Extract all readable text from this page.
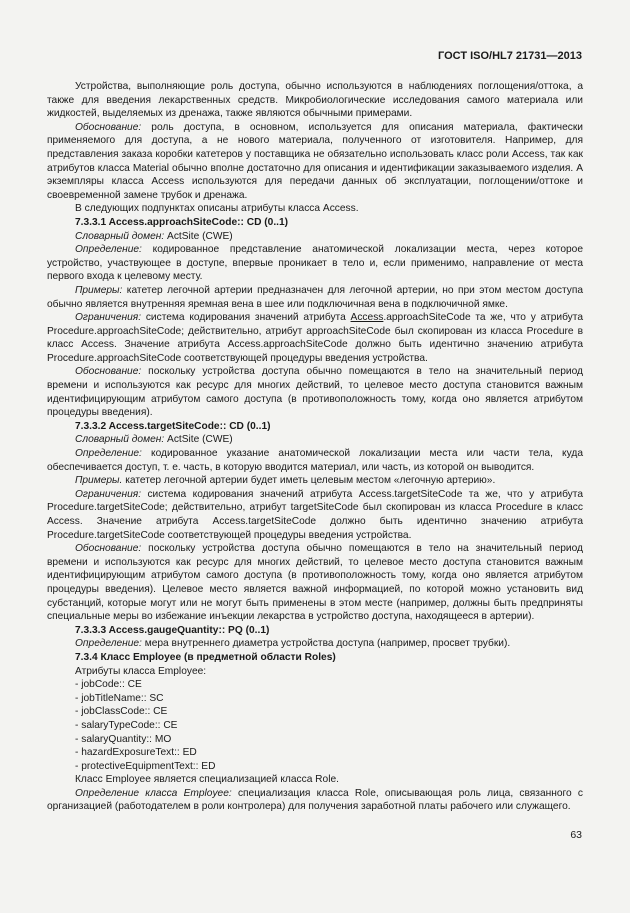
ГОСТ ISO/HL7 21731—2013

Устройства, выполняющие роль доступа, обычно используются в наблюдениях поглощения/оттока, а также для введения лекарственных средств. Микробиологические исследования самого материала или жидкостей, выделяемых из дренажа, также являются обычными примерами.

Обоснование: роль доступа, в основном, используется для описания материала, фактически применяемого для доступа, а не нового материала, полученного от изготовителя. Например, для представления заказа коробки катетеров у поставщика не обязательно использовать класс роли Access, так как атрибутов класса Material обычно вполне достаточно для описания и идентификации заказываемого изделия. А экземпляры класса Access используются для передачи данных об эксплуатации, поглощении/оттоке и своевременной замене трубок и дренажа.

В следующих подпунктах описаны атрибуты класса Access.

7.3.3.1 Access.approachSiteCode:: CD (0..1)

Словарный домен: ActSite (CWE)

Определение: кодированное представление анатомической локализации места, через которое устройство, участвующее в доступе, впервые проникает в тело и, если применимо, направление от места первого входа к целевому месту.

Примеры: катетер легочной артерии предназначен для легочной артерии, но при этом местом доступа обычно является внутренняя яремная вена в шее или подключичная вена в подключичной ямке.

Ограничения: система кодирования значений атрибута Access.approachSiteCode та же, что у атрибута Procedure.approachSiteCode; действительно, атрибут approachSiteCode был скопирован из класса Procedure в класс Access. Значение атрибута Access.approachSiteCode должно быть идентично значению атрибута Procedure.approachSiteCode соответствующей процедуры введения устройства.

Обоснование: поскольку устройства доступа обычно помещаются в тело на значительный период времени и используются как ресурс для многих действий, то целевое место доступа становится важным идентифицирующим атрибутом самого доступа (в противоположность тому, когда оно является атрибутом процедуры введения).

7.3.3.2 Access.targetSiteCode:: CD (0..1)

Словарный домен: ActSite (CWE)

Определение: кодированное указание анатомической локализации места или части тела, куда обеспечивается доступ, т. е. часть, в которую вводится материал, или часть, из которой он выводится.

Примеры. катетер легочной артерии будет иметь целевым местом «легочную артерию».

Ограничения: система кодирования значений атрибута Access.targetSiteCode та же, что у атрибута Procedure.targetSiteCode; действительно, атрибут targetSiteCode был скопирован из класса Procedure в класс Access. Значение атрибута Access.targetSiteCode должно быть идентично значению атрибута Procedure.targetSiteCode соответствующей процедуры введения устройства.

Обоснование: поскольку устройства доступа обычно помещаются в тело на значительный период времени и используются как ресурс для многих действий, то целевое место доступа становится важным идентифицирующим атрибутом самого доступа (в противоположность тому, когда оно является атрибутом процедуры введения). Целевое место является важной информацией, по которой можно установить вид субстанций, которые могут или не могут быть применены в этом месте (например, должны быть предприняты специальные меры во избежание инъекции лекарства в устройство доступа, находящееся в артерии).

7.3.3.3 Access.gaugeQuantity:: PQ (0..1)

Определение: мера внутреннего диаметра устройства доступа (например, просвет трубки).

7.3.4 Класс Employee (в предметной области Roles)

Атрибуты класса Employee:

- jobCode:: CE

- jobTitleName:: SC

- jobClassCode:: CE

- salaryTypeCode:: CE

- salaryQuantity:: MO

- hazardExposureText:: ED

- protectiveEquipmentText:: ED

Класс Employee является специализацией класса Role.

Определение класса Employee: специализация класса Role, описывающая роль лица, связанного с организацией (работодателем в роли контролера) для получения заработной платы рабочего или служащего.

63
